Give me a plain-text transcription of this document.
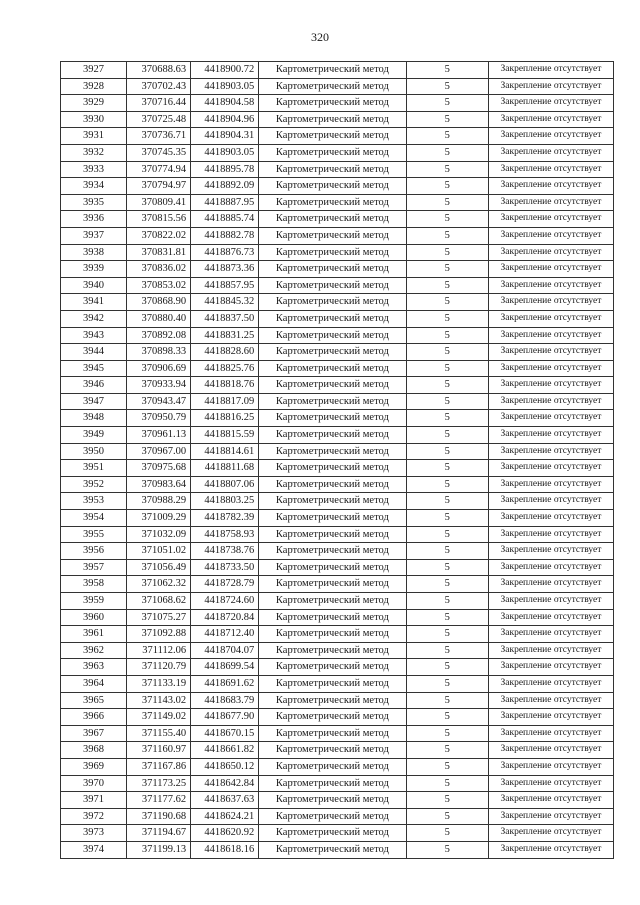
320
3927	370688.63	4418900.72	Картометрический метод	5	Закрепление отсутствует
3928	370702.43	4418903.05	Картометрический метод	5	Закрепление отсутствует
3929	370716.44	4418904.58	Картометрический метод	5	Закрепление отсутствует
3930	370725.48	4418904.96	Картометрический метод	5	Закрепление отсутствует
3931	370736.71	4418904.31	Картометрический метод	5	Закрепление отсутствует
3932	370745.35	4418903.05	Картометрический метод	5	Закрепление отсутствует
3933	370774.94	4418895.78	Картометрический метод	5	Закрепление отсутствует
3934	370794.97	4418892.09	Картометрический метод	5	Закрепление отсутствует
3935	370809.41	4418887.95	Картометрический метод	5	Закрепление отсутствует
3936	370815.56	4418885.74	Картометрический метод	5	Закрепление отсутствует
3937	370822.02	4418882.78	Картометрический метод	5	Закрепление отсутствует
3938	370831.81	4418876.73	Картометрический метод	5	Закрепление отсутствует
3939	370836.02	4418873.36	Картометрический метод	5	Закрепление отсутствует
3940	370853.02	4418857.95	Картометрический метод	5	Закрепление отсутствует
3941	370868.90	4418845.32	Картометрический метод	5	Закрепление отсутствует
3942	370880.40	4418837.50	Картометрический метод	5	Закрепление отсутствует
3943	370892.08	4418831.25	Картометрический метод	5	Закрепление отсутствует
3944	370898.33	4418828.60	Картометрический метод	5	Закрепление отсутствует
3945	370906.69	4418825.76	Картометрический метод	5	Закрепление отсутствует
3946	370933.94	4418818.76	Картометрический метод	5	Закрепление отсутствует
3947	370943.47	4418817.09	Картометрический метод	5	Закрепление отсутствует
3948	370950.79	4418816.25	Картометрический метод	5	Закрепление отсутствует
3949	370961.13	4418815.59	Картометрический метод	5	Закрепление отсутствует
3950	370967.00	4418814.61	Картометрический метод	5	Закрепление отсутствует
3951	370975.68	4418811.68	Картометрический метод	5	Закрепление отсутствует
3952	370983.64	4418807.06	Картометрический метод	5	Закрепление отсутствует
3953	370988.29	4418803.25	Картометрический метод	5	Закрепление отсутствует
3954	371009.29	4418782.39	Картометрический метод	5	Закрепление отсутствует
3955	371032.09	4418758.93	Картометрический метод	5	Закрепление отсутствует
3956	371051.02	4418738.76	Картометрический метод	5	Закрепление отсутствует
3957	371056.49	4418733.50	Картометрический метод	5	Закрепление отсутствует
3958	371062.32	4418728.79	Картометрический метод	5	Закрепление отсутствует
3959	371068.62	4418724.60	Картометрический метод	5	Закрепление отсутствует
3960	371075.27	4418720.84	Картометрический метод	5	Закрепление отсутствует
3961	371092.88	4418712.40	Картометрический метод	5	Закрепление отсутствует
3962	371112.06	4418704.07	Картометрический метод	5	Закрепление отсутствует
3963	371120.79	4418699.54	Картометрический метод	5	Закрепление отсутствует
3964	371133.19	4418691.62	Картометрический метод	5	Закрепление отсутствует
3965	371143.02	4418683.79	Картометрический метод	5	Закрепление отсутствует
3966	371149.02	4418677.90	Картометрический метод	5	Закрепление отсутствует
3967	371155.40	4418670.15	Картометрический метод	5	Закрепление отсутствует
3968	371160.97	4418661.82	Картометрический метод	5	Закрепление отсутствует
3969	371167.86	4418650.12	Картометрический метод	5	Закрепление отсутствует
3970	371173.25	4418642.84	Картометрический метод	5	Закрепление отсутствует
3971	371177.62	4418637.63	Картометрический метод	5	Закрепление отсутствует
3972	371190.68	4418624.21	Картометрический метод	5	Закрепление отсутствует
3973	371194.67	4418620.92	Картометрический метод	5	Закрепление отсутствует
3974	371199.13	4418618.16	Картометрический метод	5	Закрепление отсутствует
